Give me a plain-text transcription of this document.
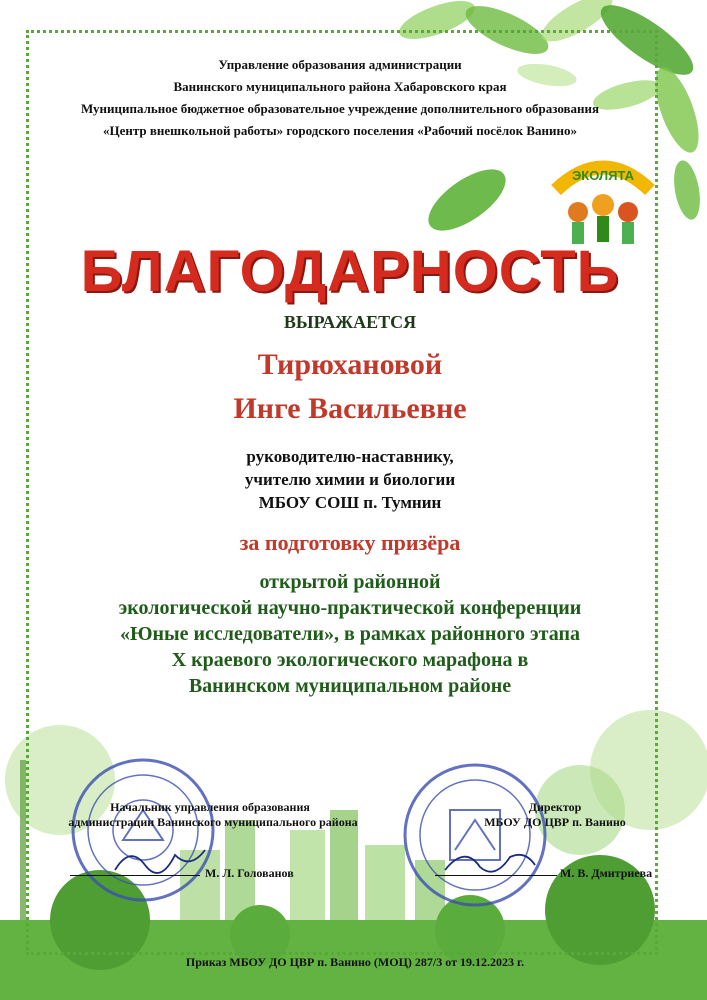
ЭКОЛЯТА
Управление образования администрации
Ванинского муниципального района Хабаровского края
Муниципальное бюджетное образовательное учреждение дополнительного образования
«Центр внешкольной работы» городского поселения «Рабочий посёлок Ванино»
БЛАГОДАРНОСТЬ
ВЫРАЖАЕТСЯ
Тирюхановой
Инге Васильевне
руководителю-наставнику,
учителю химии и биологии
МБОУ СОШ п. Тумнин
за подготовку призёра
открытой районной
экологической научно-практической конференции
«Юные исследователи», в рамках районного этапа
X краевого экологического марафона в
Ванинском муниципальном районе
Начальник управления образования
администрации Ванинского муниципального района
М. Л. Голованов
Директор
МБОУ ДО ЦВР п. Ванино
М. В. Дмитриева
Приказ МБОУ ДО ЦВР п. Ванино (МОЦ) 287/3 от 19.12.2023 г.
